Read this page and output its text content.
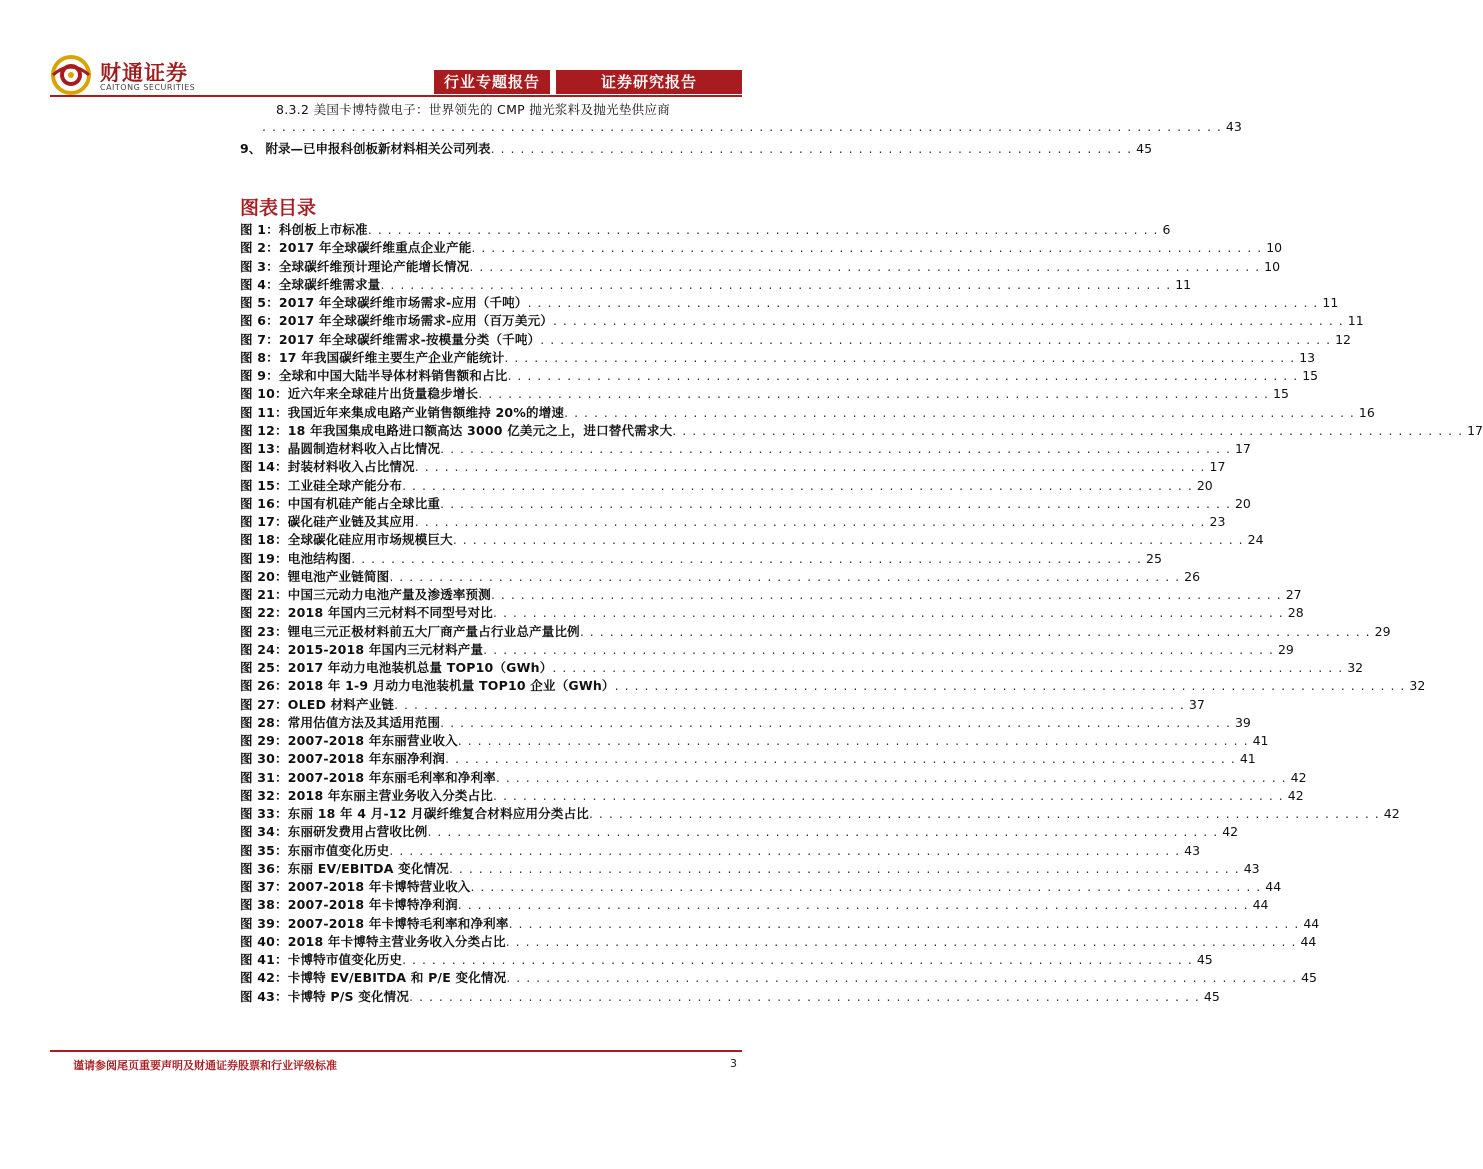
财通证券
CAITONG SECURITIES	行业专题报告	证券研究报告
8.3.2 美国卡博特微电子：世界领先的 CMP 抛光浆料及抛光垫供应商
. . . . . . . . . . . . . . . . . . . . . . . . . . . . . . . . . . . . . . . . . . . . . . . . . . . . . . . . . . . . . . . . . . . . . . . . . . . . . . . . . . . . . . . . . . . . . . . . . 43
9、 附录—已申报科创板新材料相关公司列表 . . . . . . . . . . . . . . . . . . . . . . . . . . . . . . . . . . . . . . . . . . . . . . . . . . . . . . . . . . . . . . . . . 45
图表目录
图 1：科创板上市标准 . . . . . . . . . . . . . . . . . . . . . . . . . . . . . . . . . . . . . . . . . . . . . . . . . . . . . . . . . . . . . . . . . . . . . . . . . . . . . . . . 6
图 2：2017 年全球碳纤维重点企业产能 . . . . . . . . . . . . . . . . . . . . . . . . . . . . . . . . . . . . . . . . . . . . . . . . . . . . . . . . . . . . . . . . . . . . . . . . . . . . . . . . 10
图 3：全球碳纤维预计理论产能增长情况 . . . . . . . . . . . . . . . . . . . . . . . . . . . . . . . . . . . . . . . . . . . . . . . . . . . . . . . . . . . . . . . . . . . . . . . . . . . . . . . . 10
图 4：全球碳纤维需求量 . . . . . . . . . . . . . . . . . . . . . . . . . . . . . . . . . . . . . . . . . . . . . . . . . . . . . . . . . . . . . . . . . . . . . . . . . . . . . . . . 11
图 5：2017 年全球碳纤维市场需求-应用（千吨） . . . . . . . . . . . . . . . . . . . . . . . . . . . . . . . . . . . . . . . . . . . . . . . . . . . . . . . . . . . . . . . . . . . . . . . . . . . . . . . . 11
图 6：2017 年全球碳纤维市场需求-应用（百万美元） . . . . . . . . . . . . . . . . . . . . . . . . . . . . . . . . . . . . . . . . . . . . . . . . . . . . . . . . . . . . . . . . . . . . . . . . . . . . . . . . 11
图 7：2017 年全球碳纤维需求-按模量分类（千吨） . . . . . . . . . . . . . . . . . . . . . . . . . . . . . . . . . . . . . . . . . . . . . . . . . . . . . . . . . . . . . . . . . . . . . . . . . . . . . . . . 12
图 8：17 年我国碳纤维主要生产企业产能统计 . . . . . . . . . . . . . . . . . . . . . . . . . . . . . . . . . . . . . . . . . . . . . . . . . . . . . . . . . . . . . . . . . . . . . . . . . . . . . . . . 13
图 9：全球和中国大陆半导体材料销售额和占比 . . . . . . . . . . . . . . . . . . . . . . . . . . . . . . . . . . . . . . . . . . . . . . . . . . . . . . . . . . . . . . . . . . . . . . . . . . . . . . . . 15
图 10：近六年来全球硅片出货量稳步增长 . . . . . . . . . . . . . . . . . . . . . . . . . . . . . . . . . . . . . . . . . . . . . . . . . . . . . . . . . . . . . . . . . . . . . . . . . . . . . . . . 15
图 11：我国近年来集成电路产业销售额维持 20%的增速 . . . . . . . . . . . . . . . . . . . . . . . . . . . . . . . . . . . . . . . . . . . . . . . . . . . . . . . . . . . . . . . . . . . . . . . . . . . . . . . . 16
图 12：18 年我国集成电路进口额高达 3000 亿美元之上，进口替代需求大 . . . . . . . . . . . . . . . . . . . . . . . . . . . . . . . . . . . . . . . . . . . . . . . . . . . . . . . . . . . . . . . . . . . . . . . . . . . . . . . . 17
图 13：晶圆制造材料收入占比情况 . . . . . . . . . . . . . . . . . . . . . . . . . . . . . . . . . . . . . . . . . . . . . . . . . . . . . . . . . . . . . . . . . . . . . . . . . . . . . . . . 17
图 14：封装材料收入占比情况 . . . . . . . . . . . . . . . . . . . . . . . . . . . . . . . . . . . . . . . . . . . . . . . . . . . . . . . . . . . . . . . . . . . . . . . . . . . . . . . . 17
图 15：工业硅全球产能分布 . . . . . . . . . . . . . . . . . . . . . . . . . . . . . . . . . . . . . . . . . . . . . . . . . . . . . . . . . . . . . . . . . . . . . . . . . . . . . . . . 20
图 16：中国有机硅产能占全球比重 . . . . . . . . . . . . . . . . . . . . . . . . . . . . . . . . . . . . . . . . . . . . . . . . . . . . . . . . . . . . . . . . . . . . . . . . . . . . . . . . 20
图 17：碳化硅产业链及其应用 . . . . . . . . . . . . . . . . . . . . . . . . . . . . . . . . . . . . . . . . . . . . . . . . . . . . . . . . . . . . . . . . . . . . . . . . . . . . . . . . 23
图 18：全球碳化硅应用市场规模巨大 . . . . . . . . . . . . . . . . . . . . . . . . . . . . . . . . . . . . . . . . . . . . . . . . . . . . . . . . . . . . . . . . . . . . . . . . . . . . . . . . 24
图 19：电池结构图 . . . . . . . . . . . . . . . . . . . . . . . . . . . . . . . . . . . . . . . . . . . . . . . . . . . . . . . . . . . . . . . . . . . . . . . . . . . . . . . . 25
图 20：锂电池产业链简图 . . . . . . . . . . . . . . . . . . . . . . . . . . . . . . . . . . . . . . . . . . . . . . . . . . . . . . . . . . . . . . . . . . . . . . . . . . . . . . . . 26
图 21：中国三元动力电池产量及渗透率预测 . . . . . . . . . . . . . . . . . . . . . . . . . . . . . . . . . . . . . . . . . . . . . . . . . . . . . . . . . . . . . . . . . . . . . . . . . . . . . . . . 27
图 22：2018 年国内三元材料不同型号对比 . . . . . . . . . . . . . . . . . . . . . . . . . . . . . . . . . . . . . . . . . . . . . . . . . . . . . . . . . . . . . . . . . . . . . . . . . . . . . . . . 28
图 23：锂电三元正极材料前五大厂商产量占行业总产量比例 . . . . . . . . . . . . . . . . . . . . . . . . . . . . . . . . . . . . . . . . . . . . . . . . . . . . . . . . . . . . . . . . . . . . . . . . . . . . . . . . 29
图 24：2015-2018 年国内三元材料产量 . . . . . . . . . . . . . . . . . . . . . . . . . . . . . . . . . . . . . . . . . . . . . . . . . . . . . . . . . . . . . . . . . . . . . . . . . . . . . . . . 29
图 25：2017 年动力电池装机总量 TOP10（GWh） . . . . . . . . . . . . . . . . . . . . . . . . . . . . . . . . . . . . . . . . . . . . . . . . . . . . . . . . . . . . . . . . . . . . . . . . . . . . . . . . 32
图 26：2018 年 1-9 月动力电池装机量 TOP10 企业（GWh） . . . . . . . . . . . . . . . . . . . . . . . . . . . . . . . . . . . . . . . . . . . . . . . . . . . . . . . . . . . . . . . . . . . . . . . . . . . . . . . . 32
图 27：OLED 材料产业链 . . . . . . . . . . . . . . . . . . . . . . . . . . . . . . . . . . . . . . . . . . . . . . . . . . . . . . . . . . . . . . . . . . . . . . . . . . . . . . . . 37
图 28：常用估值方法及其适用范围 . . . . . . . . . . . . . . . . . . . . . . . . . . . . . . . . . . . . . . . . . . . . . . . . . . . . . . . . . . . . . . . . . . . . . . . . . . . . . . . . 39
图 29：2007-2018 年东丽营业收入 . . . . . . . . . . . . . . . . . . . . . . . . . . . . . . . . . . . . . . . . . . . . . . . . . . . . . . . . . . . . . . . . . . . . . . . . . . . . . . . . 41
图 30：2007-2018 年东丽净利润 . . . . . . . . . . . . . . . . . . . . . . . . . . . . . . . . . . . . . . . . . . . . . . . . . . . . . . . . . . . . . . . . . . . . . . . . . . . . . . . . 41
图 31：2007-2018 年东丽毛利率和净利率 . . . . . . . . . . . . . . . . . . . . . . . . . . . . . . . . . . . . . . . . . . . . . . . . . . . . . . . . . . . . . . . . . . . . . . . . . . . . . . . . 42
图 32：2018 年东丽主营业务收入分类占比 . . . . . . . . . . . . . . . . . . . . . . . . . . . . . . . . . . . . . . . . . . . . . . . . . . . . . . . . . . . . . . . . . . . . . . . . . . . . . . . . 42
图 33：东丽 18 年 4 月-12 月碳纤维复合材料应用分类占比 . . . . . . . . . . . . . . . . . . . . . . . . . . . . . . . . . . . . . . . . . . . . . . . . . . . . . . . . . . . . . . . . . . . . . . . . . . . . . . . . 42
图 34：东丽研发费用占营收比例 . . . . . . . . . . . . . . . . . . . . . . . . . . . . . . . . . . . . . . . . . . . . . . . . . . . . . . . . . . . . . . . . . . . . . . . . . . . . . . . . 42
图 35：东丽市值变化历史 . . . . . . . . . . . . . . . . . . . . . . . . . . . . . . . . . . . . . . . . . . . . . . . . . . . . . . . . . . . . . . . . . . . . . . . . . . . . . . . . 43
图 36：东丽 EV/EBITDA 变化情况 . . . . . . . . . . . . . . . . . . . . . . . . . . . . . . . . . . . . . . . . . . . . . . . . . . . . . . . . . . . . . . . . . . . . . . . . . . . . . . . . 43
图 37：2007-2018 年卡博特营业收入 . . . . . . . . . . . . . . . . . . . . . . . . . . . . . . . . . . . . . . . . . . . . . . . . . . . . . . . . . . . . . . . . . . . . . . . . . . . . . . . . 44
图 38：2007-2018 年卡博特净利润 . . . . . . . . . . . . . . . . . . . . . . . . . . . . . . . . . . . . . . . . . . . . . . . . . . . . . . . . . . . . . . . . . . . . . . . . . . . . . . . . 44
图 39：2007-2018 年卡博特毛利率和净利率 . . . . . . . . . . . . . . . . . . . . . . . . . . . . . . . . . . . . . . . . . . . . . . . . . . . . . . . . . . . . . . . . . . . . . . . . . . . . . . . . 44
图 40：2018 年卡博特主营业务收入分类占比 . . . . . . . . . . . . . . . . . . . . . . . . . . . . . . . . . . . . . . . . . . . . . . . . . . . . . . . . . . . . . . . . . . . . . . . . . . . . . . . . 44
图 41：卡博特市值变化历史 . . . . . . . . . . . . . . . . . . . . . . . . . . . . . . . . . . . . . . . . . . . . . . . . . . . . . . . . . . . . . . . . . . . . . . . . . . . . . . . . 45
图 42：卡博特 EV/EBITDA 和 P/E 变化情况 . . . . . . . . . . . . . . . . . . . . . . . . . . . . . . . . . . . . . . . . . . . . . . . . . . . . . . . . . . . . . . . . . . . . . . . . . . . . . . . . 45
图 43：卡博特 P/S 变化情况 . . . . . . . . . . . . . . . . . . . . . . . . . . . . . . . . . . . . . . . . . . . . . . . . . . . . . . . . . . . . . . . . . . . . . . . . . . . . . . . . 45
谨请参阅尾页重要声明及财通证券股票和行业评级标准	3
